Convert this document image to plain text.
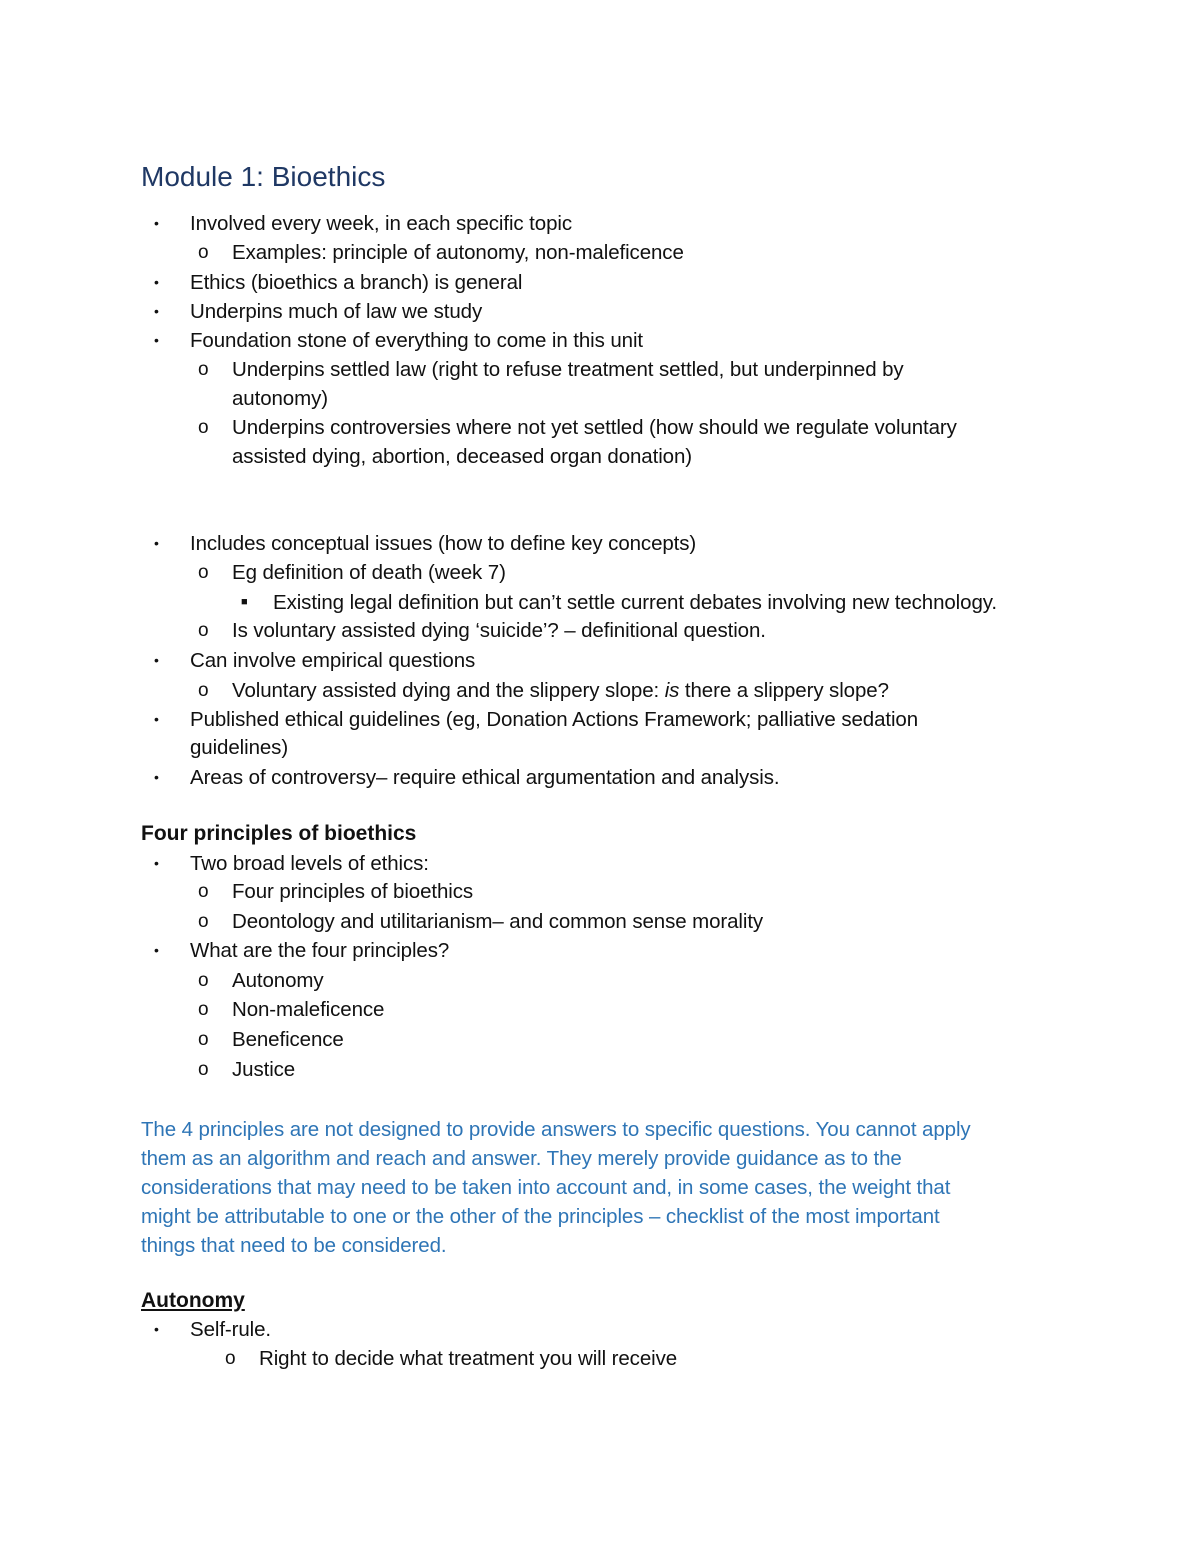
Module 1: Bioethics
• Involved every week, in each specific topic
o Examples: principle of autonomy, non-maleficence
• Ethics (bioethics a branch) is general
• Underpins much of law we study
• Foundation stone of everything to come in this unit
o Underpins settled law (right to refuse treatment settled, but underpinned by
autonomy)
o Underpins controversies where not yet settled (how should we regulate voluntary
assisted dying, abortion, deceased organ donation)
• Includes conceptual issues (how to define key concepts)
o Eg definition of death (week 7)
■ Existing legal definition but can’t settle current debates involving new technology.
o Is voluntary assisted dying ‘suicide’? – definitional question.
• Can involve empirical questions
o Voluntary assisted dying and the slippery slope: is there a slippery slope?
• Published ethical guidelines (eg, Donation Actions Framework; palliative sedation
guidelines)
• Areas of controversy– require ethical argumentation and analysis.
Four principles of bioethics
• Two broad levels of ethics:
o Four principles of bioethics
o Deontology and utilitarianism– and common sense morality
• What are the four principles?
o Autonomy
o Non-maleficence
o Beneficence
o Justice
The 4 principles are not designed to provide answers to specific questions. You cannot apply
them as an algorithm and reach and answer. They merely provide guidance as to the
considerations that may need to be taken into account and, in some cases, the weight that
might be attributable to one or the other of the principles – checklist of the most important
things that need to be considered.
Autonomy
• Self-rule.
o Right to decide what treatment you will receive
